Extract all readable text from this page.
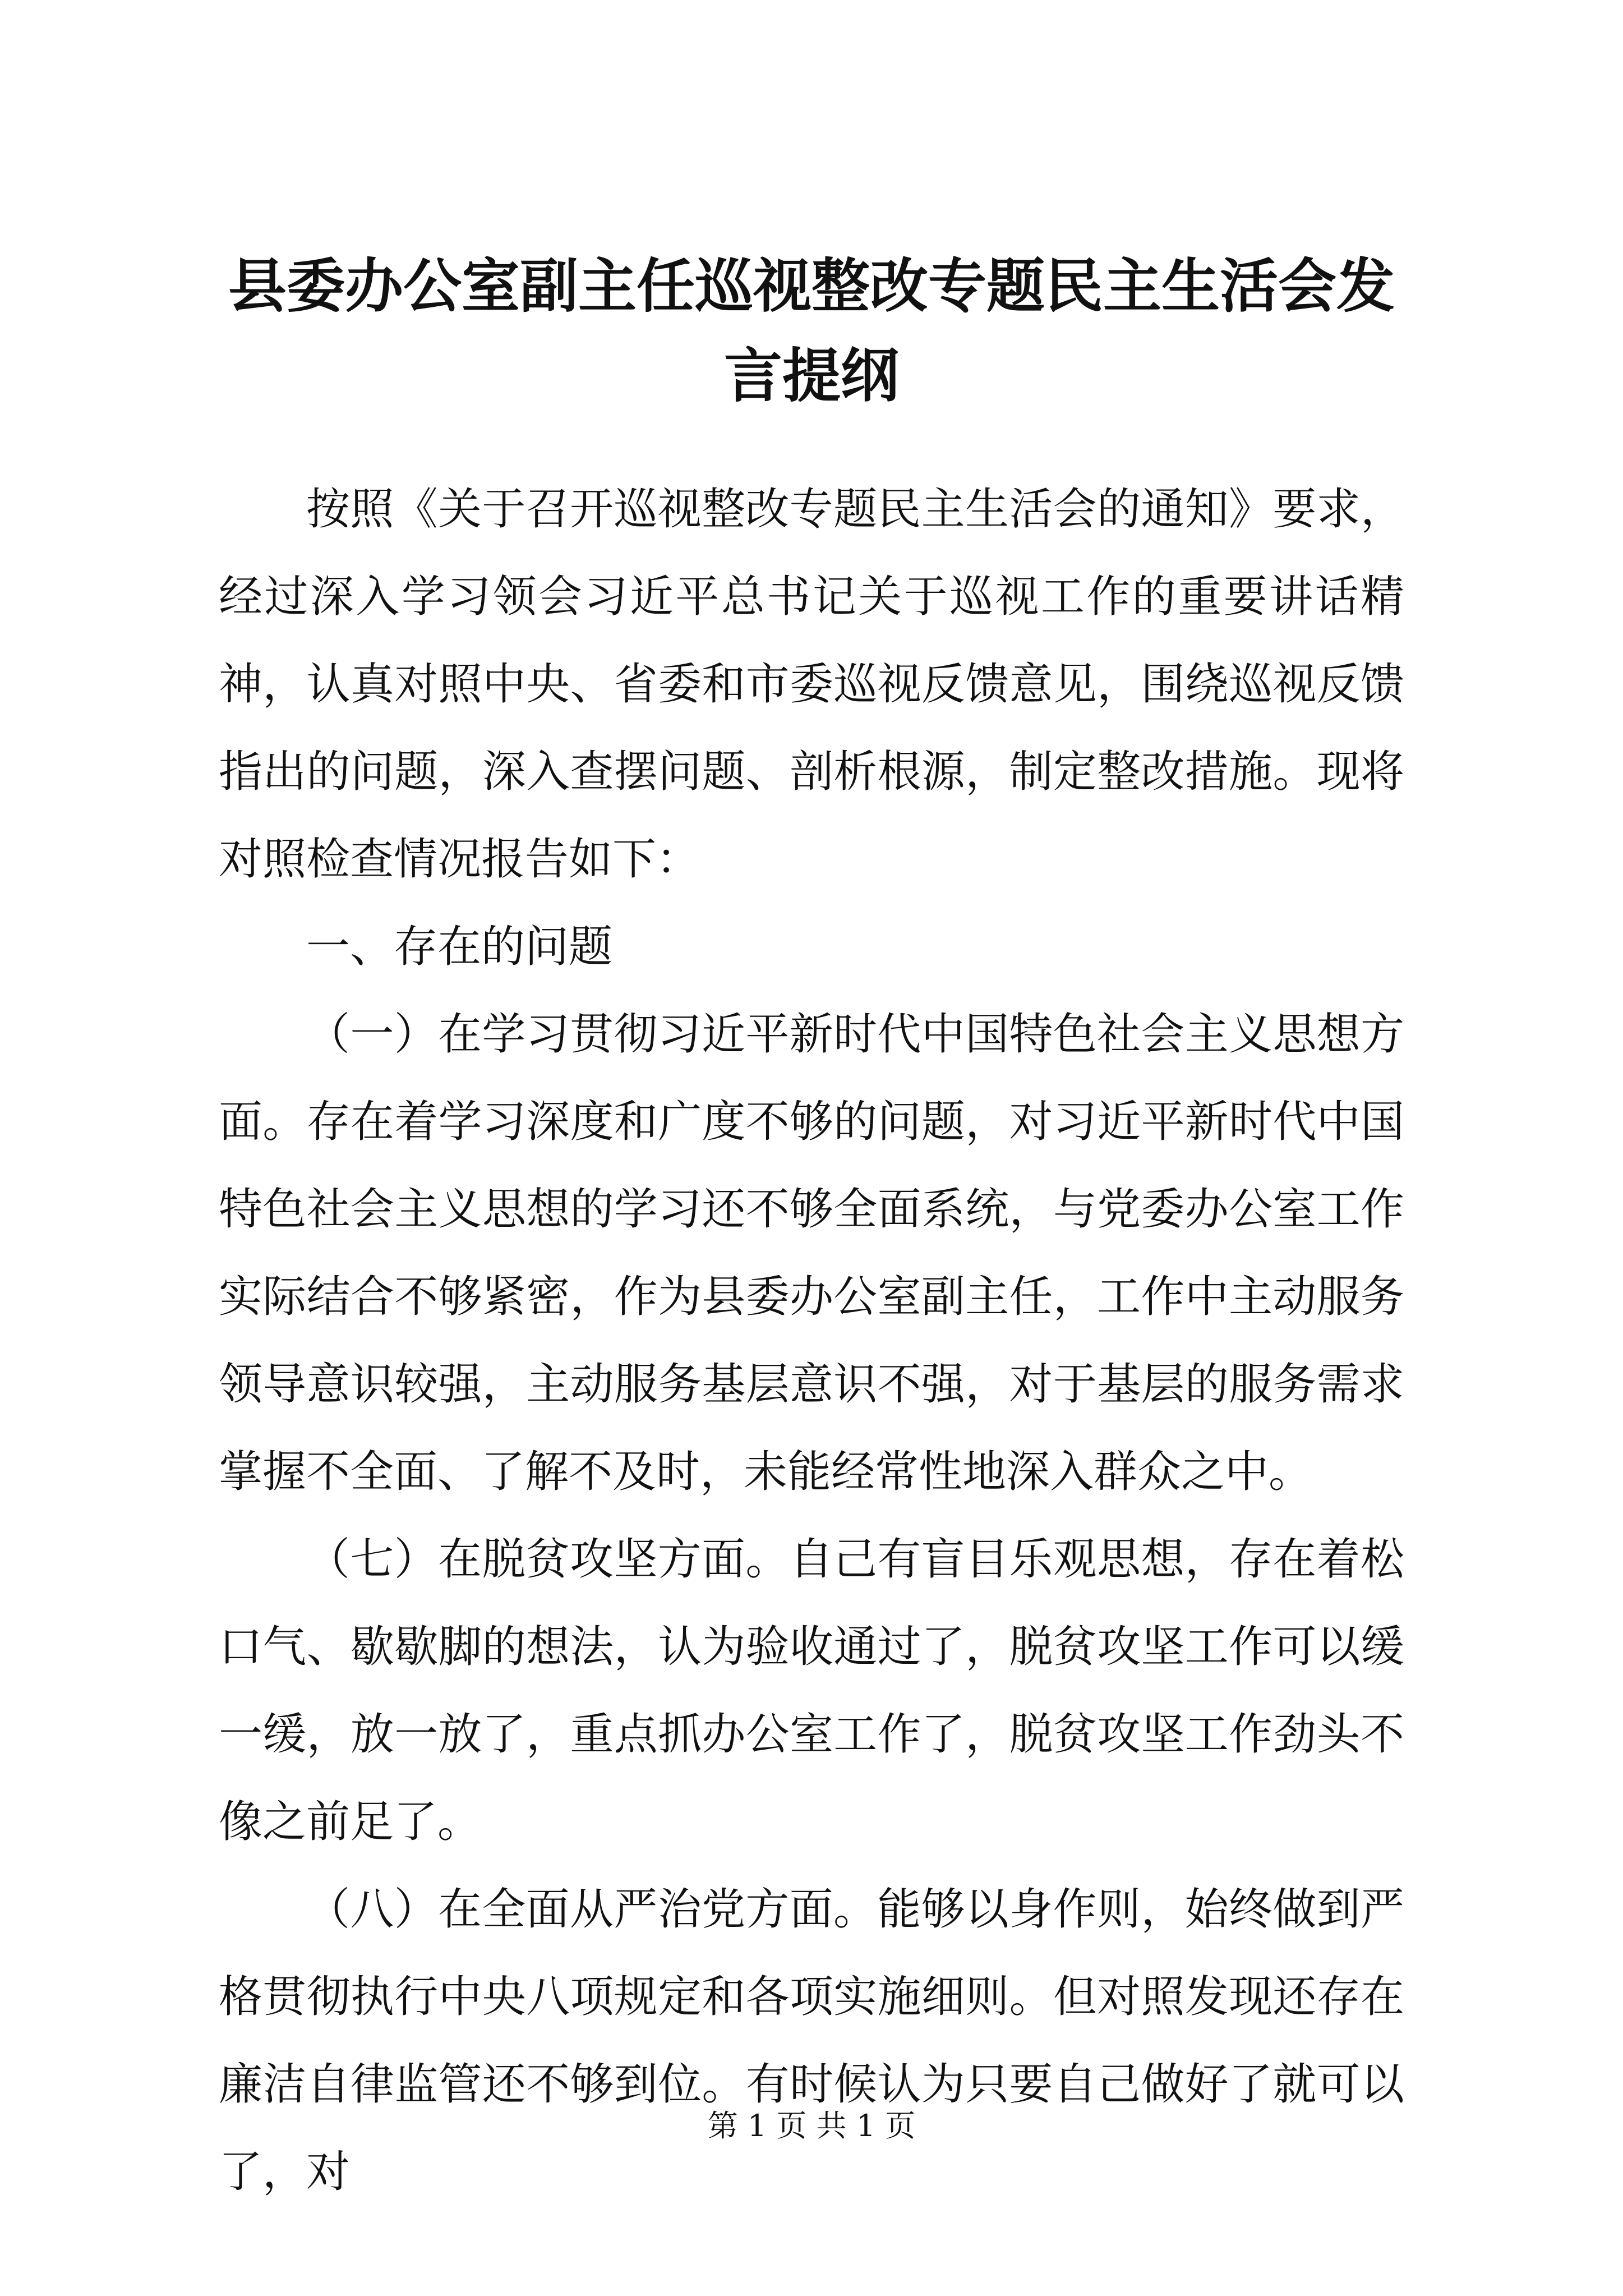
县委办公室副主任巡视整改专题民主生活会发言提纲

按照《关于召开巡视整改专题民主生活会的通知》要求，经过深入学习领会习近平总书记关于巡视工作的重要讲话精神，认真对照中央、省委和市委巡视反馈意见，围绕巡视反馈指出的问题，深入查摆问题、剖析根源，制定整改措施。现将对照检查情况报告如下：

一、存在的问题

（一）在学习贯彻习近平新时代中国特色社会主义思想方面。存在着学习深度和广度不够的问题，对习近平新时代中国特色社会主义思想的学习还不够全面系统，与党委办公室工作实际结合不够紧密，作为县委办公室副主任，工作中主动服务领导意识较强，主动服务基层意识不强，对于基层的服务需求掌握不全面、了解不及时，未能经常性地深入群众之中。

（七）在脱贫攻坚方面。自己有盲目乐观思想，存在着松口气、歇歇脚的想法，认为验收通过了，脱贫攻坚工作可以缓一缓，放一放了，重点抓办公室工作了，脱贫攻坚工作劲头不像之前足了。

（八）在全面从严治党方面。能够以身作则，始终做到严格贯彻执行中央八项规定和各项实施细则。但对照发现还存在廉洁自律监管还不够到位。有时候认为只要自己做好了就可以了，对

第 1 页 共 1 页
